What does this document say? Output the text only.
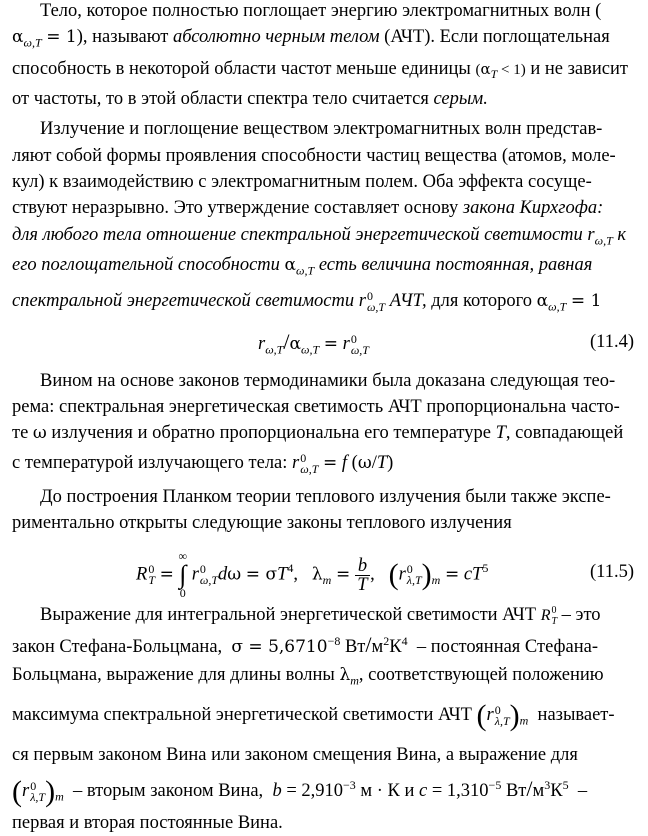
Тело, которое полностью поглощает энергию электромагнитных волн (
$\alpha_{\omega,T} = 1$), называют абсолютно черным телом (АЧТ). Если поглощательная
способность в некоторой области частот меньше единицы $(\alpha_T < 1)$ и не зависит
от частоты, то в этой области спектра тело считается серым.
Излучение и поглощение веществом электромагнитных волн представ-
ляют собой формы проявления способности частиц вещества (атомов, моле-
кул) к взаимодействию с электромагнитным полем. Оба эффекта сосуще-
ствуют неразрывно. Это утверждение составляет основу закона Кирхгофа:
для любого тела отношение спектральной энергетической светимости $r_{\omega,T}$ к
его поглощательной способности $\alpha_{\omega,T}$ есть величина постоянная, равная
спектральной энергетической светимости r 0
ω,T АЧТ, для которого $\alpha_{\omega,T} = 1$
$r_{\omega,T}/\alpha_{\omega,T} = r$ 0
ω,T	(11.4)
Вином на основе законов термодинамики была доказана следующая тео-
рема: спектральная энергетическая светимость АЧТ пропорциональна часто-
те ω излучения и обратно пропорциональна его температуре T, совпадающей
с температурой излучающего тела: r 0
ω,T = f (ω/T)
До построения Планком теории теплового излучения были также экспе-
риментально открыты следующие законы теплового излучения
R 0
T = ∞
∫
0 r 0
ω,T $d\omega = \sigma T^4$,   $\lambda_m = \frac{b}{T}$ ,   (r 0
λ,T )$_m = cT^5$	(11.5)
Выражение для интегральной энергетической светимости АЧТ R 0
T – это
закон Стефана-Больцмана, $\sigma = 5,6710^{-8}$ $Вт/м^2К^4$ – постоянная Стефана-
Больцмана, выражение для длины волны $\lambda_m$, соответствующей положению
максимума спектральной энергетической светимости АЧТ (r 0
λ,T )$_m$ называет-
ся первым законом Вина или законом смещения Вина, а выражение для
(r 0
λ,T )$_m$ – вторым законом Вина, $b = 2,910^{-3}$ м · К и $c = 1,310^{-5}$ $Вт/м^3К^5$ –
первая и вторая постоянные Вина.
